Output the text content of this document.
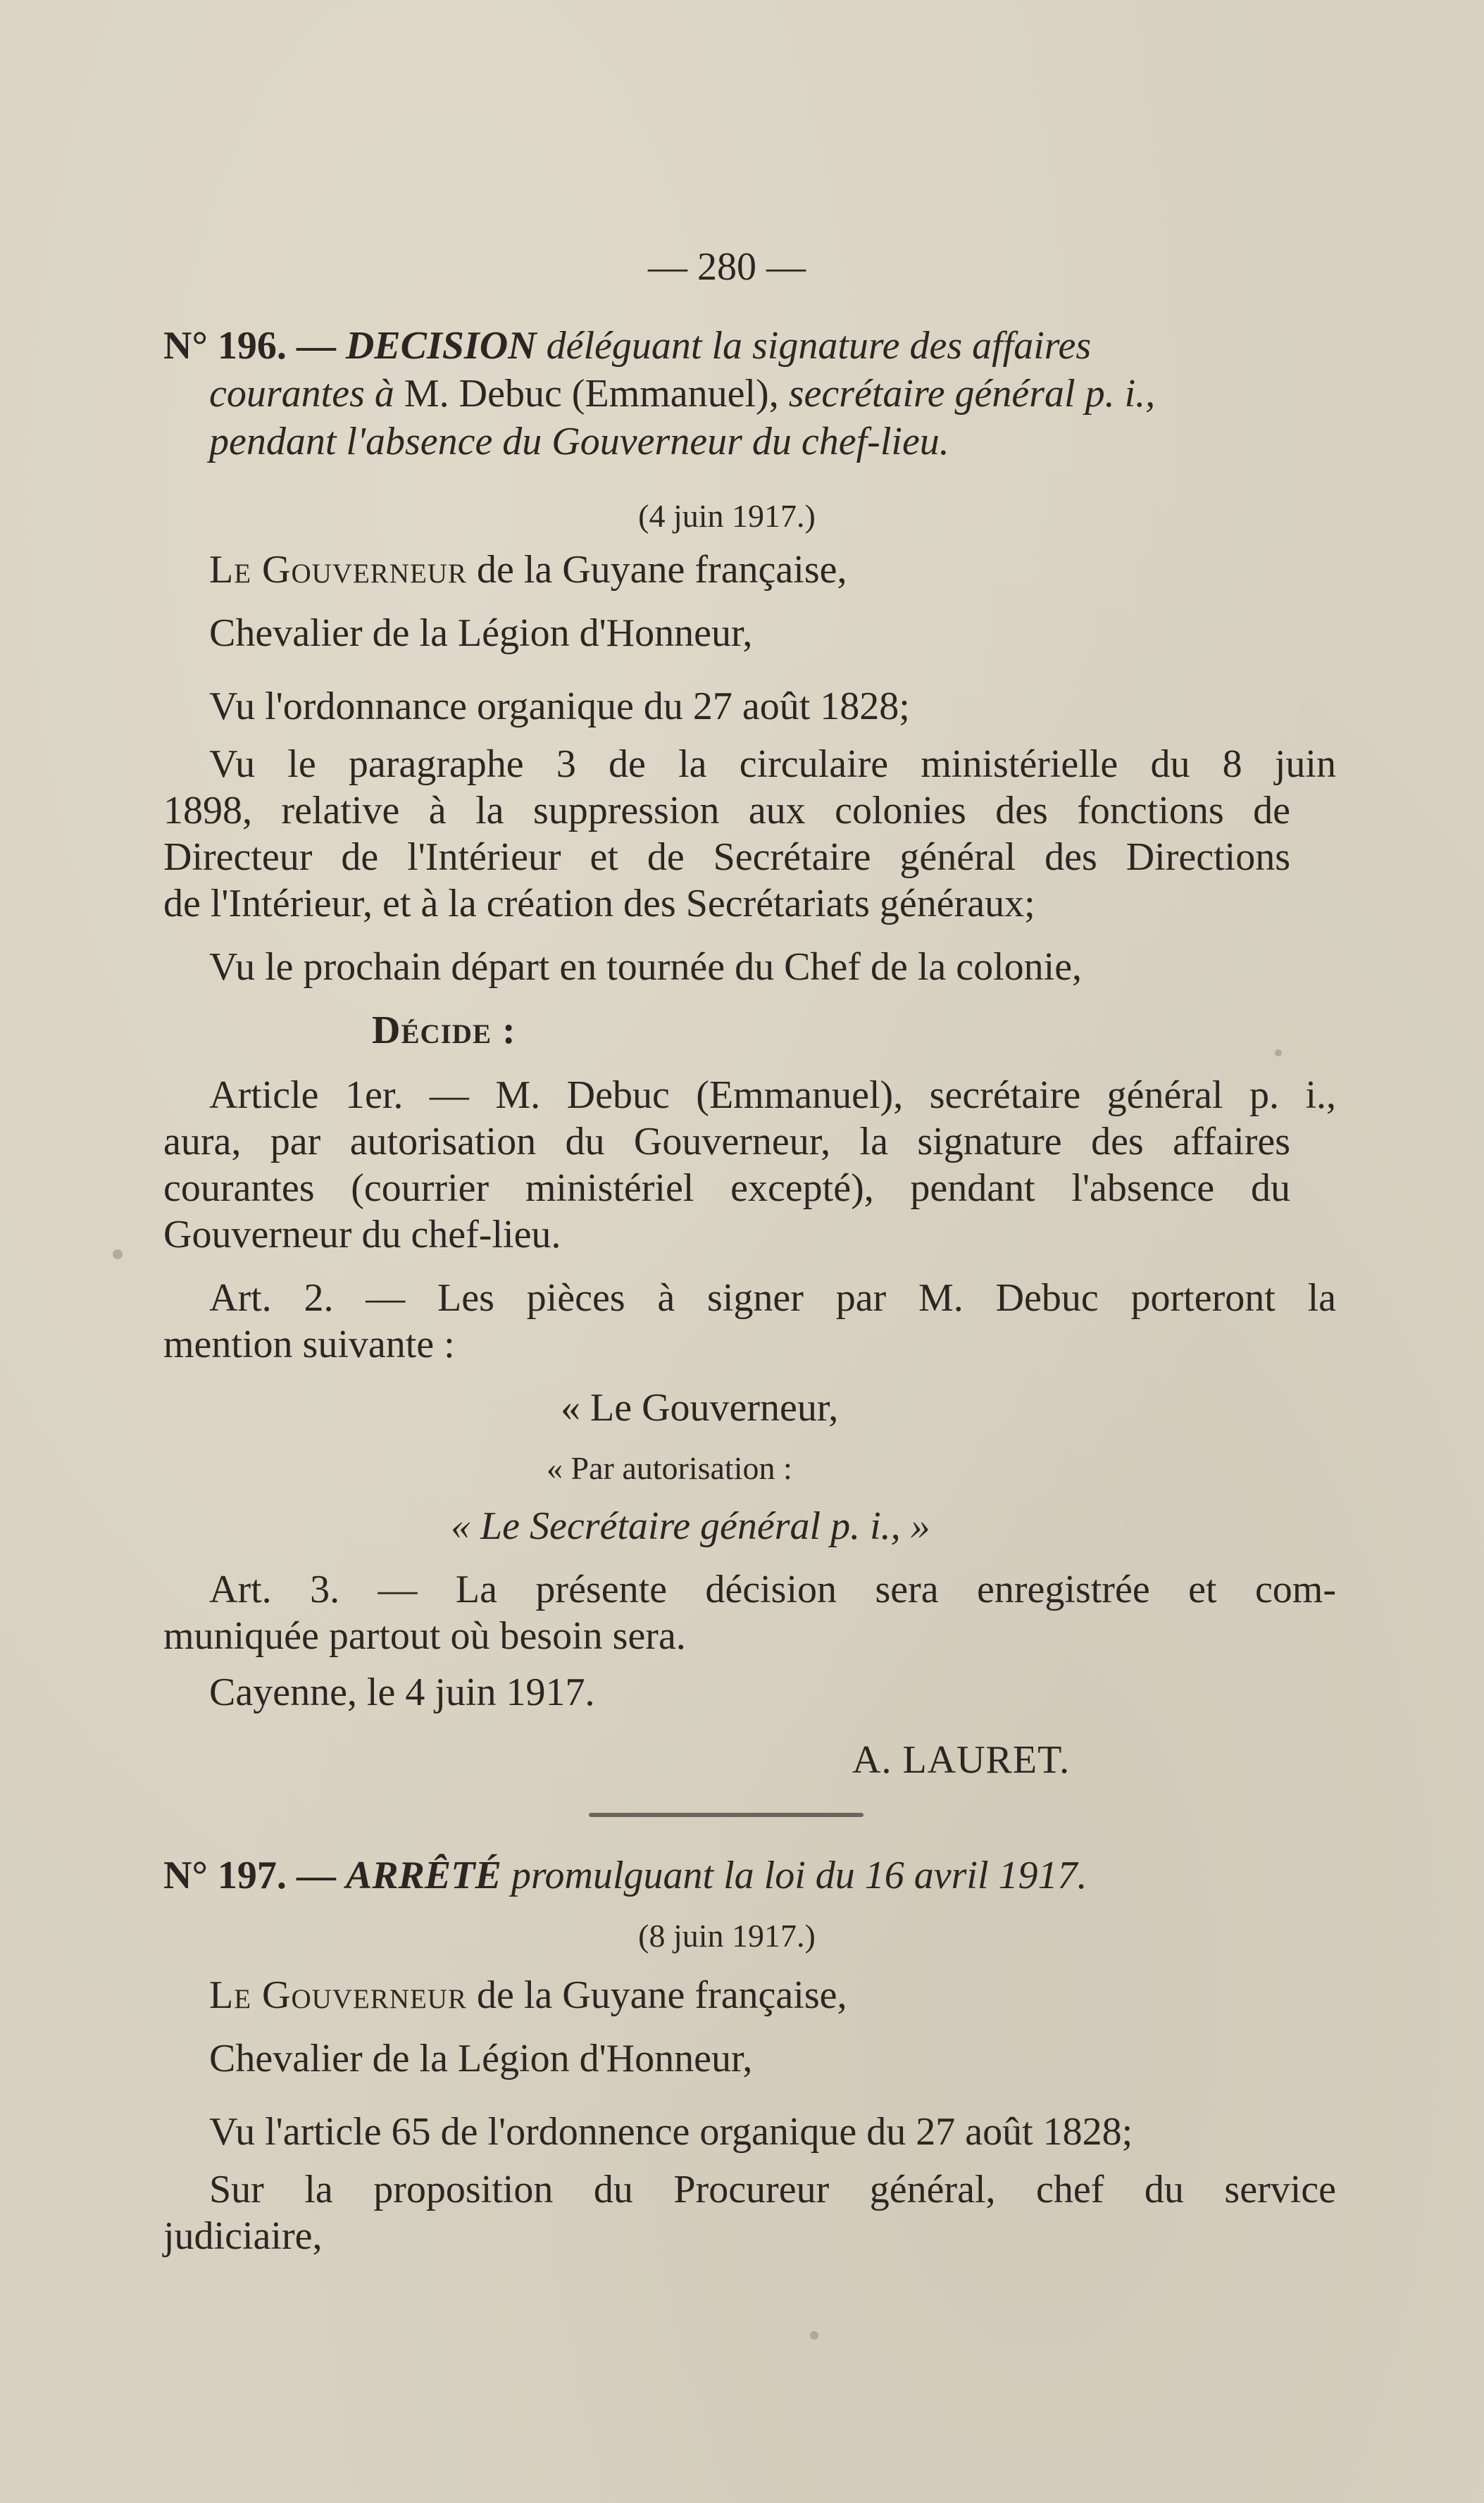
— 280 —
N° 196. — DECISION déléguant la signature des affaires
courantes à M. Debuc (Emmanuel), secrétaire général p. i.,
pendant l'absence du Gouverneur du chef-lieu.
(4 juin 1917.)
Le Gouverneur de la Guyane française,
Chevalier de la Légion d'Honneur,
Vu l'ordonnance organique du 27 août 1828;
Vu le paragraphe 3 de la circulaire ministérielle du 8 juin
1898, relative à la suppression aux colonies des fonctions de
Directeur de l'Intérieur et de Secrétaire général des Directions
de l'Intérieur, et à la création des Secrétariats généraux;
Vu le prochain départ en tournée du Chef de la colonie,
Décide :
Article 1er. — M. Debuc (Emmanuel), secrétaire général p. i.,
aura, par autorisation du Gouverneur, la signature des affaires
courantes (courrier ministériel excepté), pendant l'absence du
Gouverneur du chef-lieu.
Art. 2. — Les pièces à signer par M. Debuc porteront la
mention suivante :
« Le Gouverneur,
« Par autorisation :
« Le Secrétaire général p. i., »
Art. 3. — La présente décision sera enregistrée et com-
muniquée partout où besoin sera.
Cayenne, le 4 juin 1917.
A. LAURET.
N° 197. — ARRÊTÉ promulguant la loi du 16 avril 1917.
(8 juin 1917.)
Le Gouverneur de la Guyane française,
Chevalier de la Légion d'Honneur,
Vu l'article 65 de l'ordonnence organique du 27 août 1828;
Sur la proposition du Procureur général, chef du service
judiciaire,
